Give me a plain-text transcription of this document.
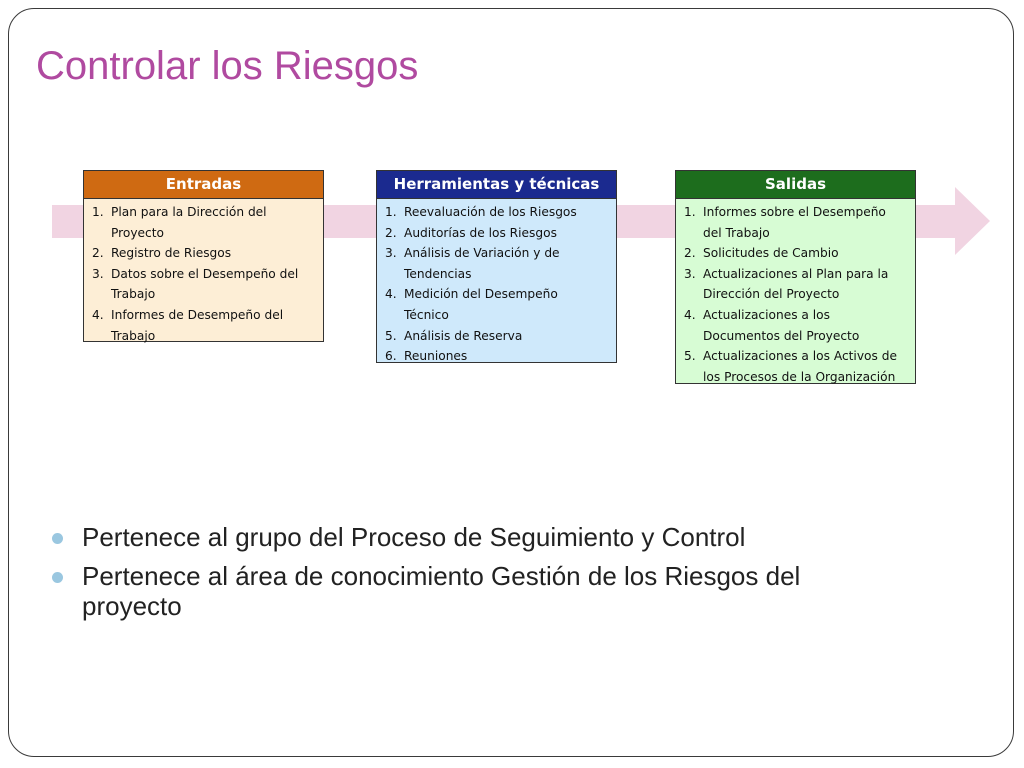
Controlar los Riesgos
Entradas
1. Plan para la Dirección del
Proyecto
2. Registro de Riesgos
3. Datos sobre el Desempeño del
Trabajo
4. Informes de Desempeño del
Trabajo
Herramientas y técnicas
1. Reevaluación de los Riesgos
2. Auditorías de los Riesgos
3. Análisis de Variación y de
Tendencias
4. Medición del Desempeño
Técnico
5. Análisis de Reserva
6. Reuniones
Salidas
1. Informes sobre el Desempeño
del Trabajo
2. Solicitudes de Cambio
3. Actualizaciones al Plan para la
Dirección del Proyecto
4. Actualizaciones a los
Documentos del Proyecto
5. Actualizaciones a los Activos de
los Procesos de la Organización
Pertenece al grupo del Proceso de Seguimiento y Control
Pertenece al área de conocimiento Gestión de los Riesgos del
proyecto
